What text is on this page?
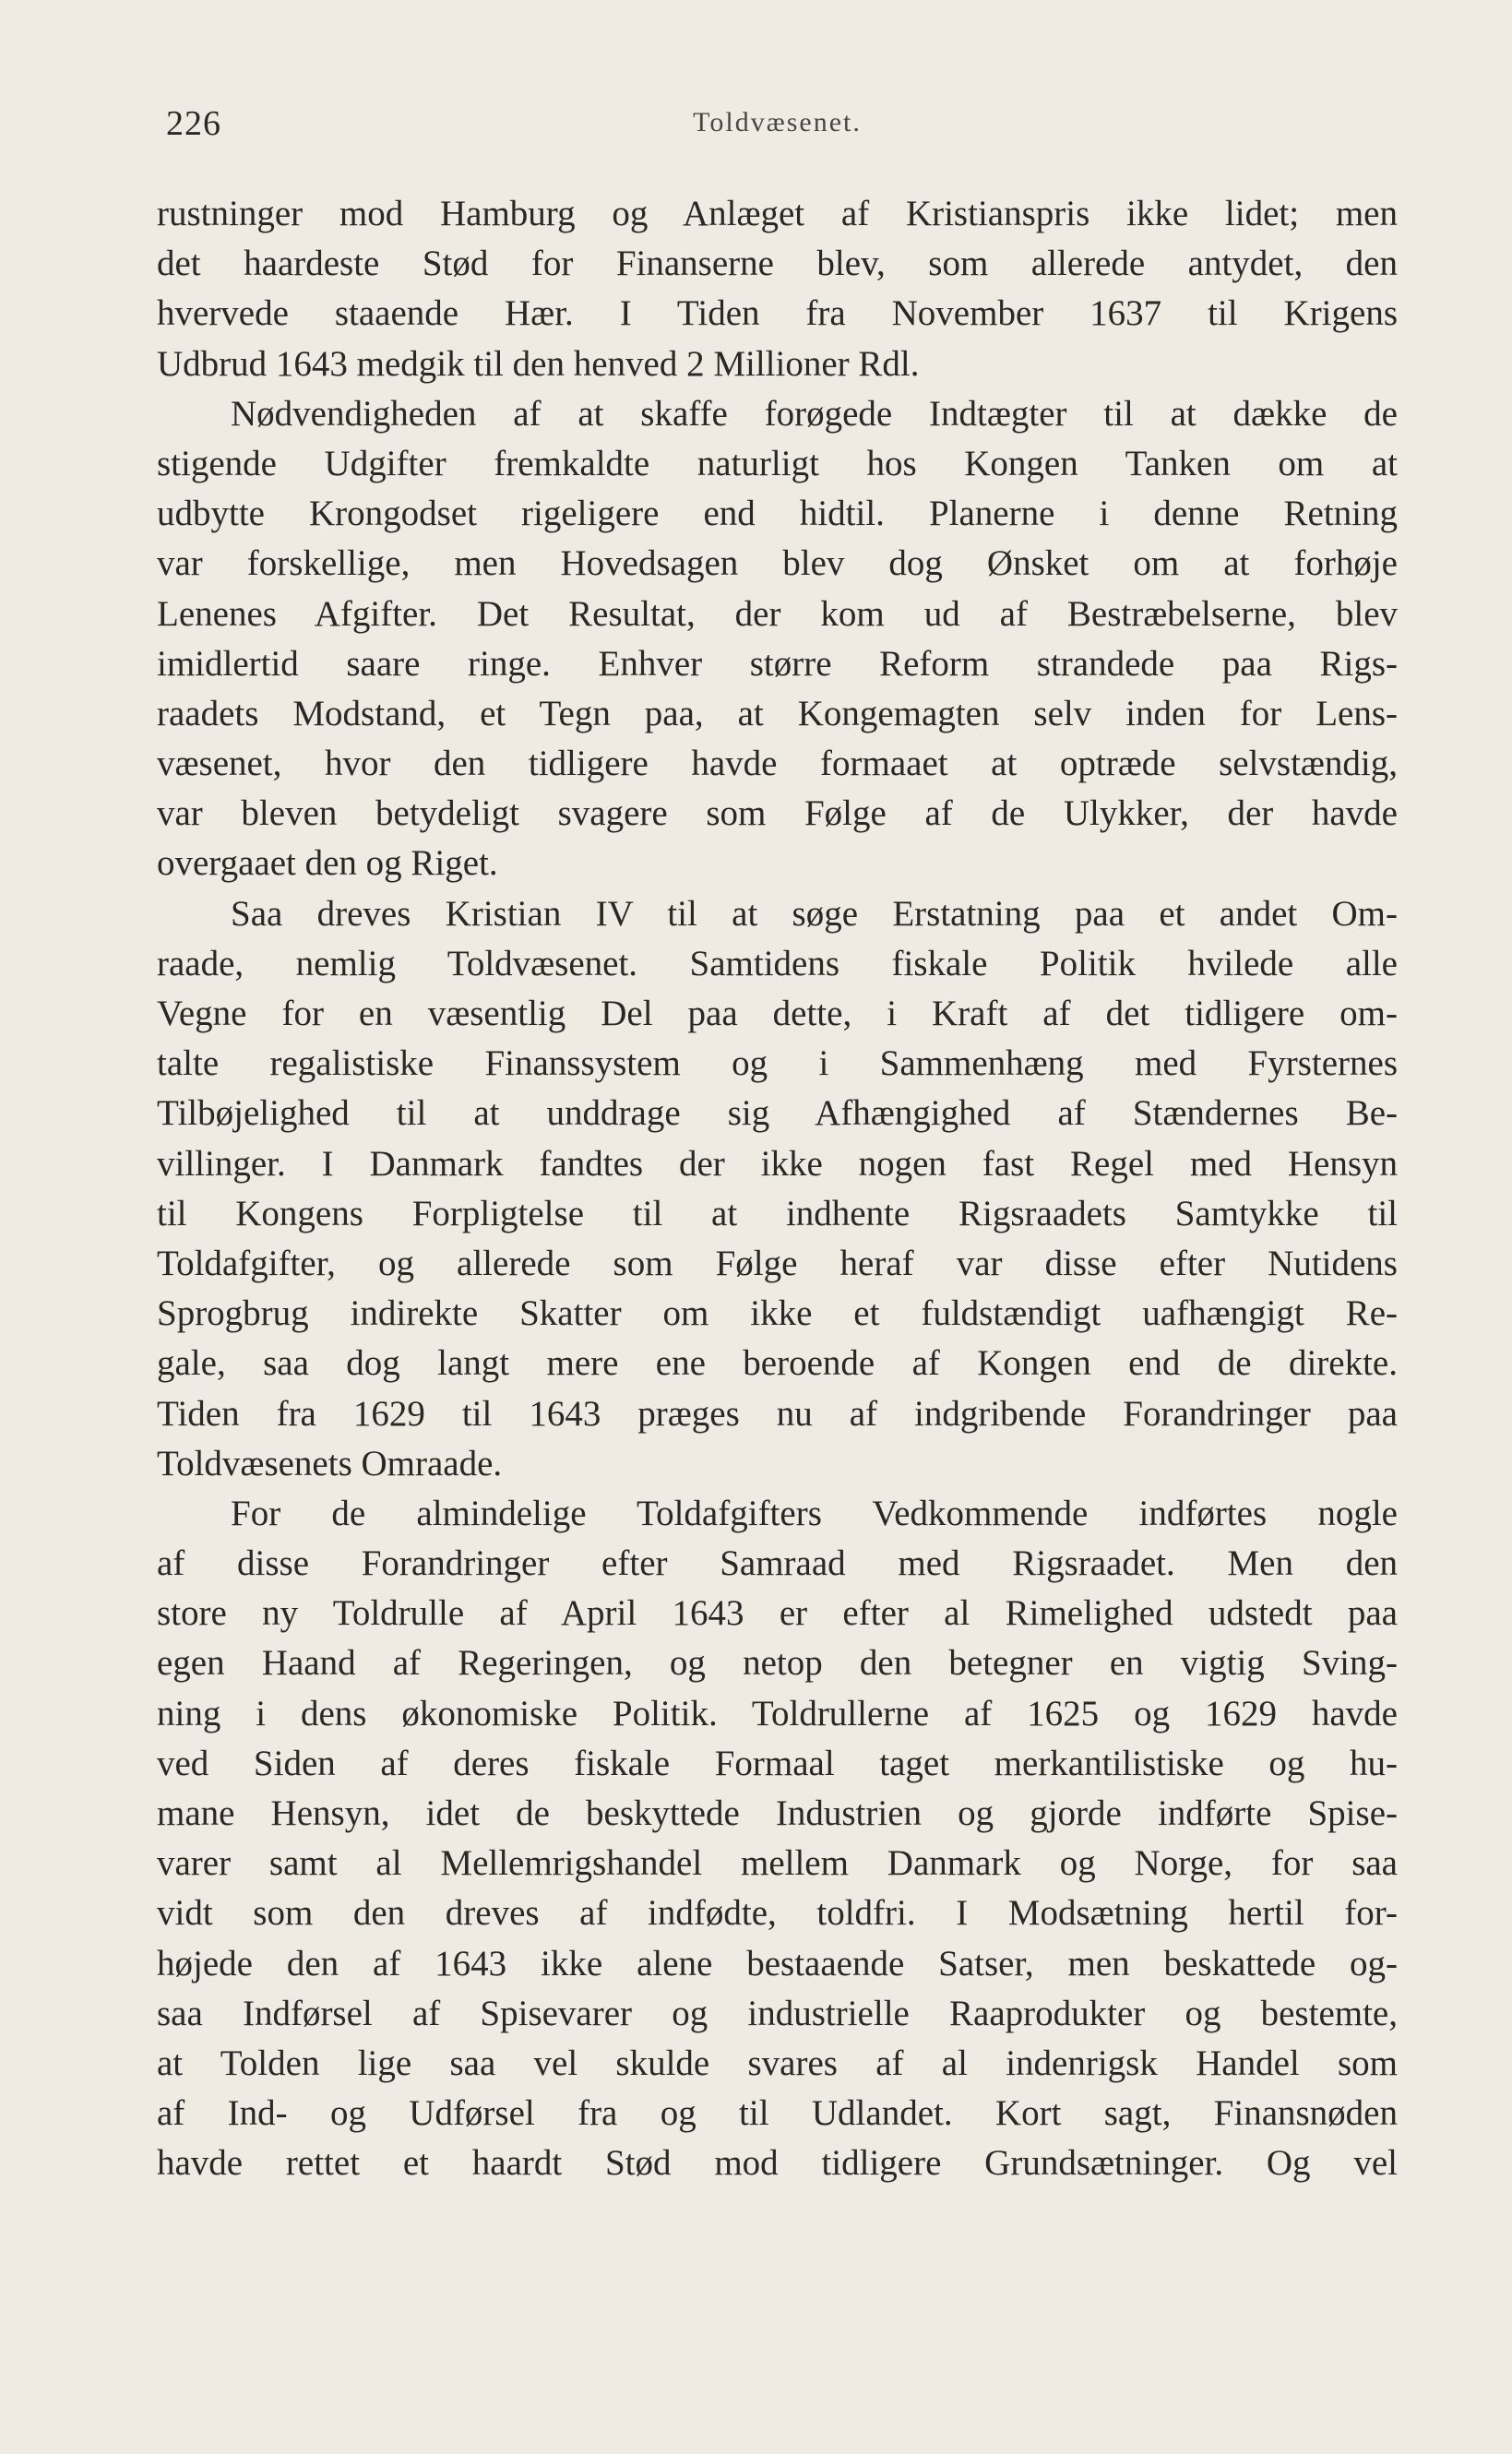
226	Toldvæsenet.
rustninger mod Hamburg og Anlæget af Kristianspris ikke lidet; men
det haardeste Stød for Finanserne blev, som allerede antydet, den
hvervede staaende Hær. I Tiden fra November 1637 til Krigens
Udbrud 1643 medgik til den henved 2 Millioner Rdl.
Nødvendigheden af at skaffe forøgede Indtægter til at dække de
stigende Udgifter fremkaldte naturligt hos Kongen Tanken om at
udbytte Krongodset rigeligere end hidtil. Planerne i denne Retning
var forskellige, men Hovedsagen blev dog Ønsket om at forhøje
Lenenes Afgifter. Det Resultat, der kom ud af Bestræbelserne, blev
imidlertid saare ringe. Enhver større Reform strandede paa Rigs-
raadets Modstand, et Tegn paa, at Kongemagten selv inden for Lens-
væsenet, hvor den tidligere havde formaaet at optræde selvstændig,
var bleven betydeligt svagere som Følge af de Ulykker, der havde
overgaaet den og Riget.
Saa dreves Kristian IV til at søge Erstatning paa et andet Om-
raade, nemlig Toldvæsenet. Samtidens fiskale Politik hvilede alle
Vegne for en væsentlig Del paa dette, i Kraft af det tidligere om-
talte regalistiske Finanssystem og i Sammenhæng med Fyrsternes
Tilbøjelighed til at unddrage sig Afhængighed af Stændernes Be-
villinger. I Danmark fandtes der ikke nogen fast Regel med Hensyn
til Kongens Forpligtelse til at indhente Rigsraadets Samtykke til
Toldafgifter, og allerede som Følge heraf var disse efter Nutidens
Sprogbrug indirekte Skatter om ikke et fuldstændigt uafhængigt Re-
gale, saa dog langt mere ene beroende af Kongen end de direkte.
Tiden fra 1629 til 1643 præges nu af indgribende Forandringer paa
Toldvæsenets Omraade.
For de almindelige Toldafgifters Vedkommende indførtes nogle
af disse Forandringer efter Samraad med Rigsraadet. Men den
store ny Toldrulle af April 1643 er efter al Rimelighed udstedt paa
egen Haand af Regeringen, og netop den betegner en vigtig Sving-
ning i dens økonomiske Politik. Toldrullerne af 1625 og 1629 havde
ved Siden af deres fiskale Formaal taget merkantilistiske og hu-
mane Hensyn, idet de beskyttede Industrien og gjorde indførte Spise-
varer samt al Mellemrigshandel mellem Danmark og Norge, for saa
vidt som den dreves af indfødte, toldfri. I Modsætning hertil for-
højede den af 1643 ikke alene bestaaende Satser, men beskattede og-
saa Indførsel af Spisevarer og industrielle Raaprodukter og bestemte,
at Tolden lige saa vel skulde svares af al indenrigsk Handel som
af Ind- og Udførsel fra og til Udlandet. Kort sagt, Finansnøden
havde rettet et haardt Stød mod tidligere Grundsætninger. Og vel
